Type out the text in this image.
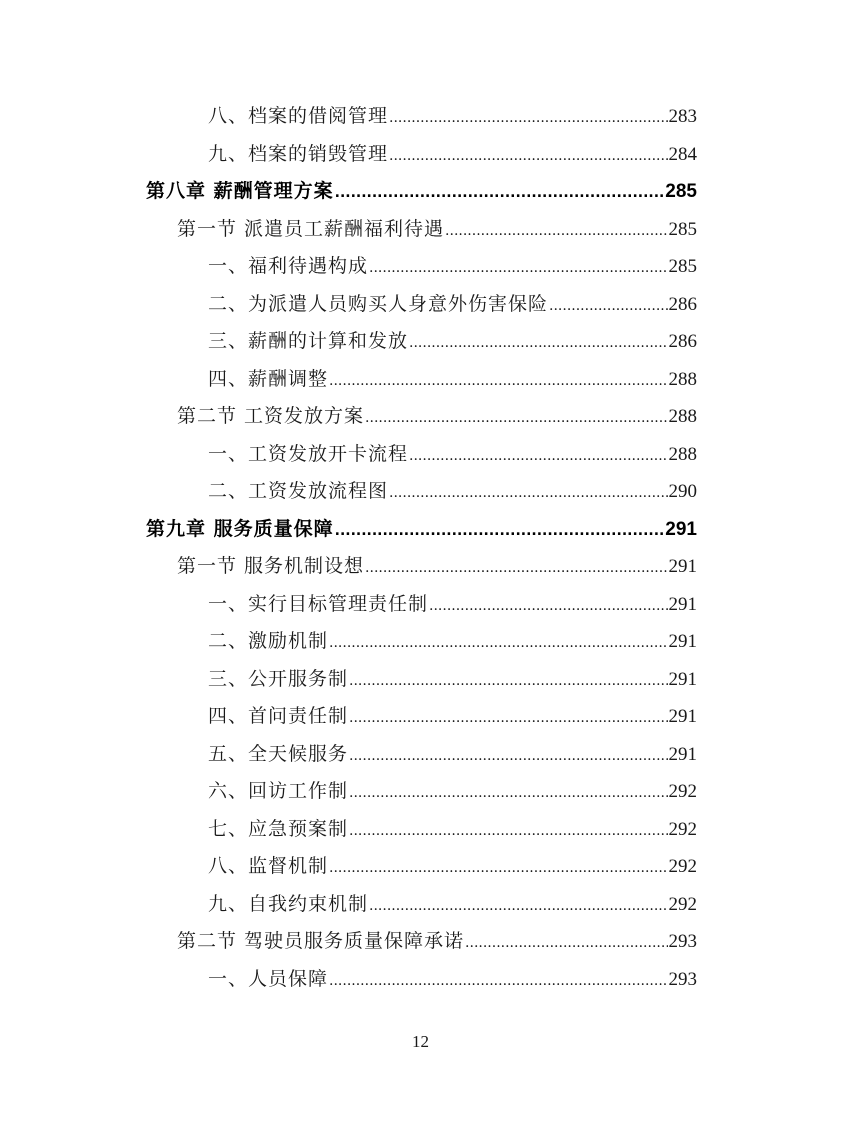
八、档案的借阅管理 .....	283
九、档案的销毁管理 .....	284
第八章 薪酬管理方案 .....	285
第一节 派遣员工薪酬福利待遇 .....	285
一、福利待遇构成 .....	285
二、为派遣人员购买人身意外伤害保险 .....	286
三、薪酬的计算和发放 .....	286
四、薪酬调整 .....	288
第二节 工资发放方案 .....	288
一、工资发放开卡流程 .....	288
二、工资发放流程图 .....	290
第九章 服务质量保障 .....	291
第一节 服务机制设想 .....	291
一、实行目标管理责任制 .....	291
二、激励机制 .....	291
三、公开服务制 .....	291
四、首问责任制 .....	291
五、全天候服务 .....	291
六、回访工作制 .....	292
七、应急预案制 .....	292
八、监督机制 .....	292
九、自我约束机制 .....	292
第二节 驾驶员服务质量保障承诺 .....	293
一、人员保障 .....	293
12
